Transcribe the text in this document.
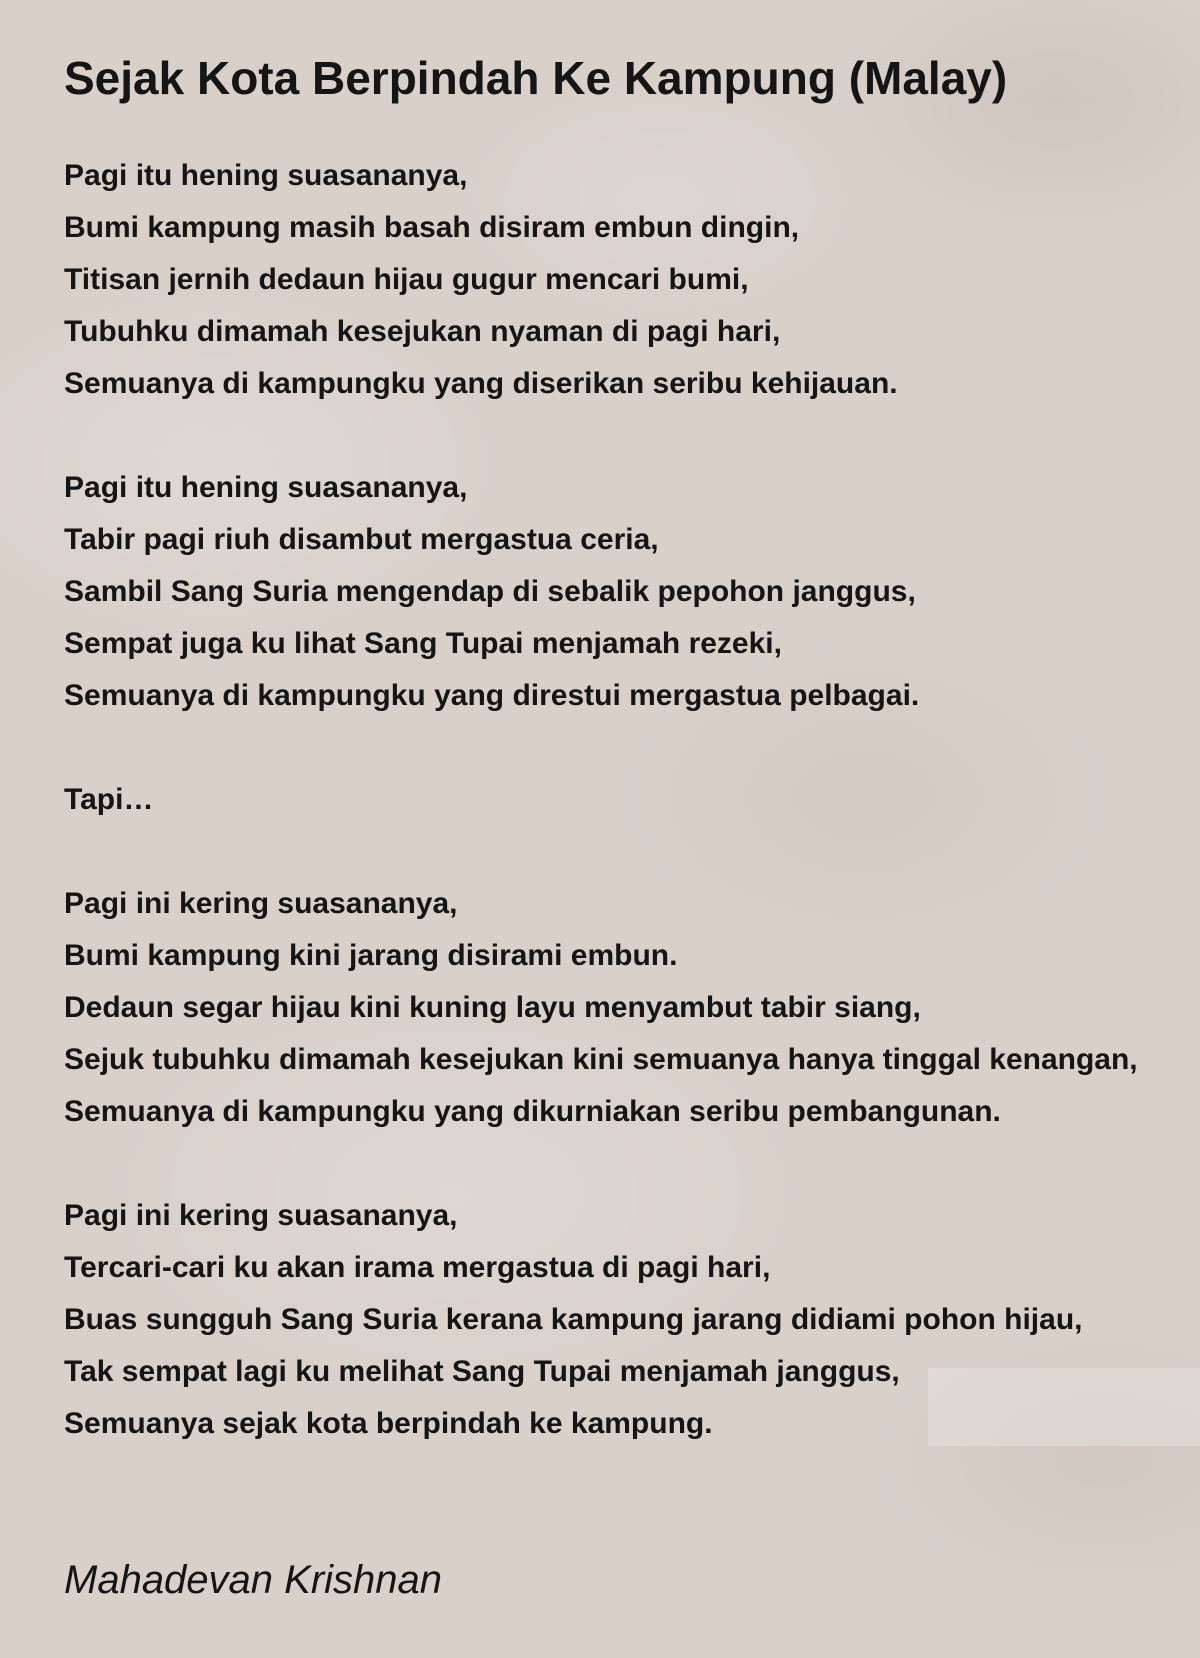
Sejak Kota Berpindah Ke Kampung (Malay)

Pagi itu hening suasananya,

Bumi kampung masih basah disiram embun dingin,

Titisan jernih dedaun hijau gugur mencari bumi,

Tubuhku dimamah kesejukan nyaman di pagi hari,

Semuanya di kampungku yang diserikan seribu kehijauan.

Pagi itu hening suasananya,

Tabir pagi riuh disambut mergastua ceria,

Sambil Sang Suria mengendap di sebalik pepohon janggus,

Sempat juga ku lihat Sang Tupai menjamah rezeki,

Semuanya di kampungku yang direstui mergastua pelbagai.

Tapi…

Pagi ini kering suasananya,

Bumi kampung kini jarang disirami embun.

Dedaun segar hijau kini kuning layu menyambut tabir siang,

Sejuk tubuhku dimamah kesejukan kini semuanya hanya tinggal kenangan,

Semuanya di kampungku yang dikurniakan seribu pembangunan.

Pagi ini kering suasananya,

Tercari-cari ku akan irama mergastua di pagi hari,

Buas sungguh Sang Suria kerana kampung jarang didiami pohon hijau,

Tak sempat lagi ku melihat Sang Tupai menjamah janggus,

Semuanya sejak kota berpindah ke kampung.

Mahadevan Krishnan
